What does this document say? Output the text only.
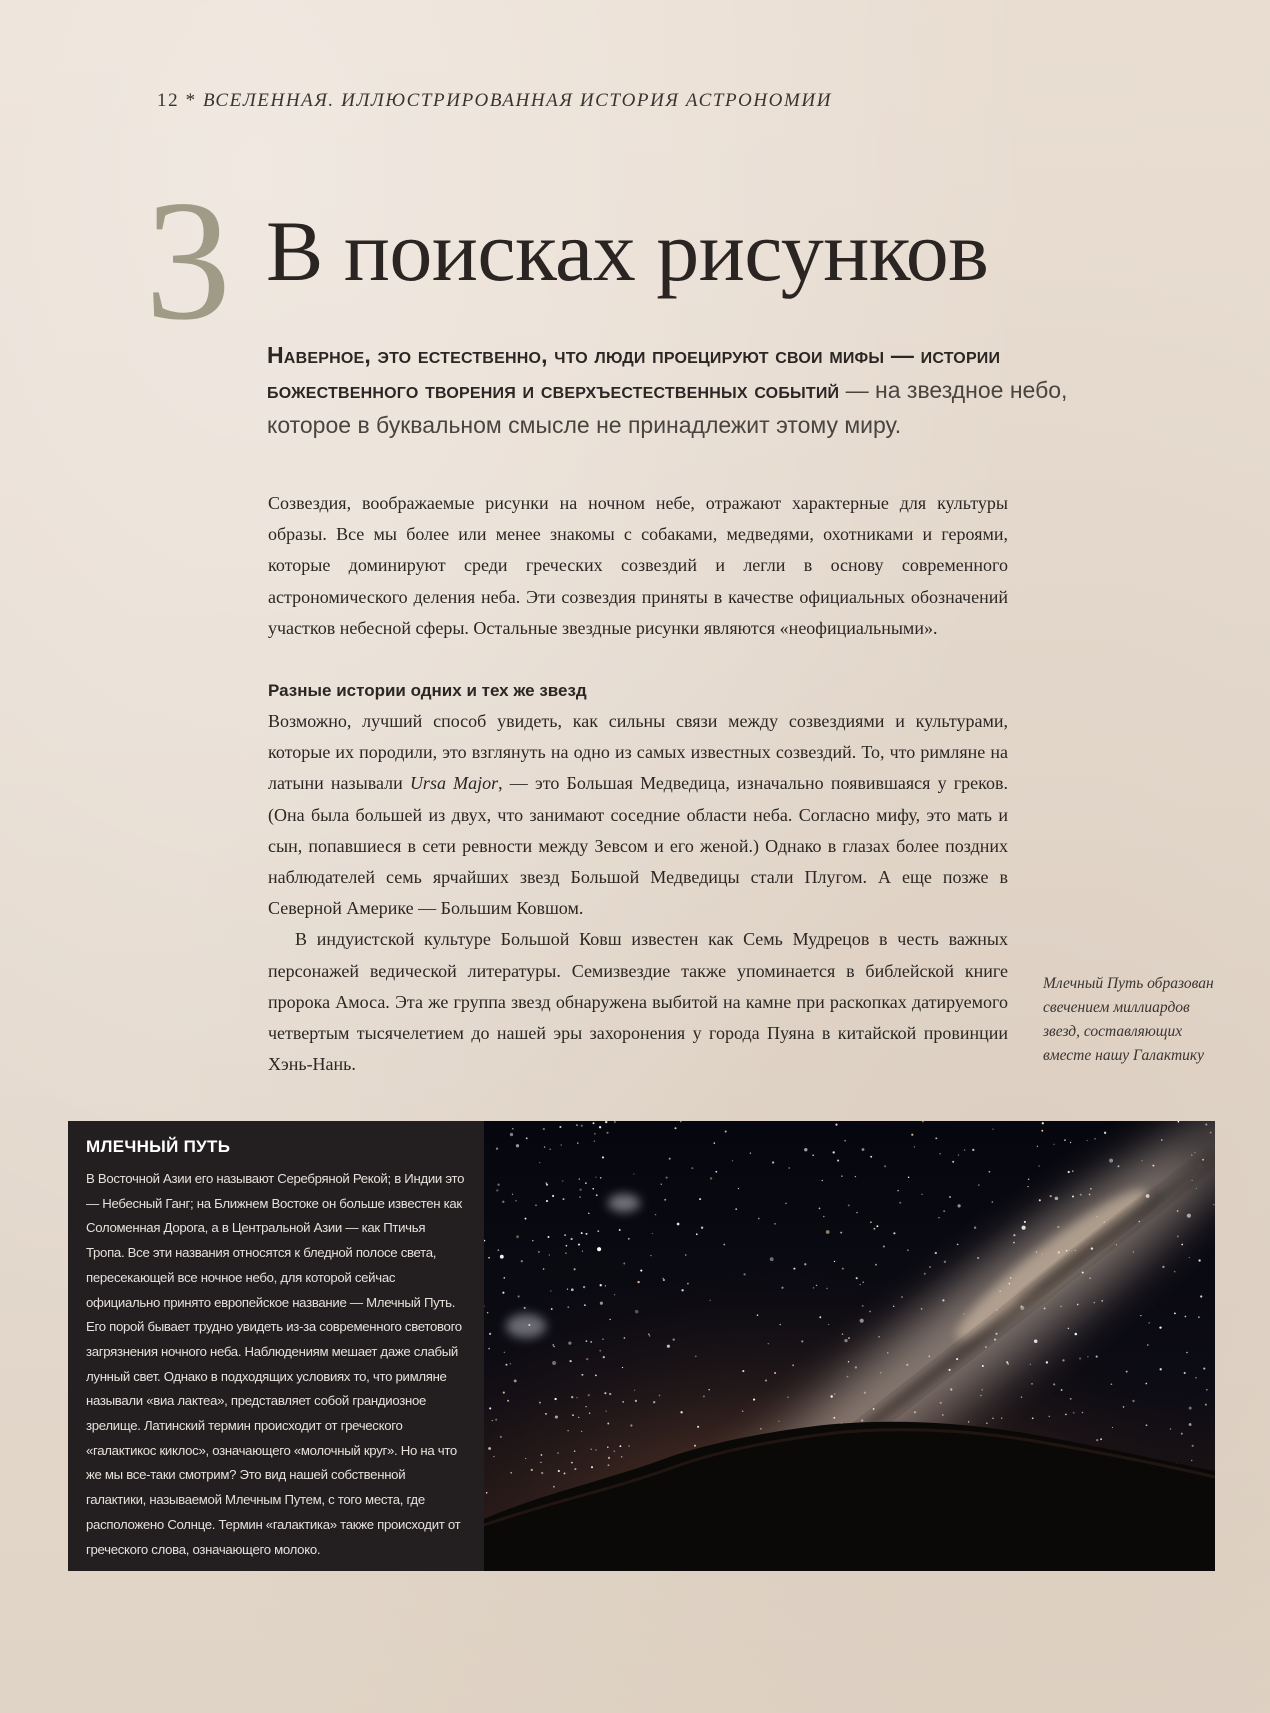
12 * ВСЕЛЕННАЯ. ИЛЛЮСТРИРОВАННАЯ ИСТОРИЯ АСТРОНОМИИ
3 В поисках рисунков
Наверное, это естественно, что люди проецируют свои мифы — истории божественного творения и сверхъестественных событий — на звездное небо, которое в буквальном смысле не принадлежит этому миру.

Созвездия, воображаемые рисунки на ночном небе, отражают характерные для культуры образы. Все мы более или менее знакомы с собаками, медведями, охотниками и героями, которые доминируют среди греческих созвездий и легли в основу современного астрономического деления неба. Эти созвездия приняты в качестве официальных обозначений участков небесной сферы. Остальные звездные рисунки являются «неофициальными».

Разные истории одних и тех же звезд

Возможно, лучший способ увидеть, как сильны связи между созвездиями и культурами, которые их породили, это взглянуть на одно из самых известных созвездий. То, что римляне на латыни называли Ursa Major, — это Большая Медведица, изначально появившаяся у греков. (Она была большей из двух, что занимают соседние области неба. Согласно мифу, это мать и сын, попавшиеся в сети ревности между Зевсом и его женой.) Однако в глазах более поздних наблюдателей семь ярчайших звезд Большой Медведицы стали Плугом. А еще позже в Северной Америке — Большим Ковшом.

В индуистской культуре Большой Ковш известен как Семь Мудрецов в честь важных персонажей ведической литературы. Семизвездие также упоминается в библейской книге пророка Амоса. Эта же группа звезд обнаружена выбитой на камне при раскопках датируемого четвертым тысячелетием до нашей эры захоронения у города Пуяна в китайской провинции Хэнь-Нань.

Млечный Путь образован свечением миллиардов звезд, составляющих вместе нашу Галактику
МЛЕЧНЫЙ ПУТЬ
В Восточной Азии его называют Серебряной Рекой; в Индии это — Небесный Ганг; на Ближнем Востоке он больше известен как Соломенная Дорога, а в Центральной Азии — как Птичья Тропа. Все эти названия относятся к бледной полосе света, пересекающей все ночное небо, для которой сейчас официально принято европейское название — Млечный Путь. Его порой бывает трудно увидеть из-за современного светового загрязнения ночного неба. Наблюдениям мешает даже слабый лунный свет. Однако в подходящих условиях то, что римляне называли «виа лактеа», представляет собой грандиозное зрелище. Латинский термин происходит от греческого «галактикос киклос», означающего «молочный круг». Но на что же мы все-таки смотрим? Это вид нашей собственной галактики, называемой Млечным Путем, с того места, где расположено Солнце. Термин «галактика» также происходит от греческого слова, означающего молоко.
